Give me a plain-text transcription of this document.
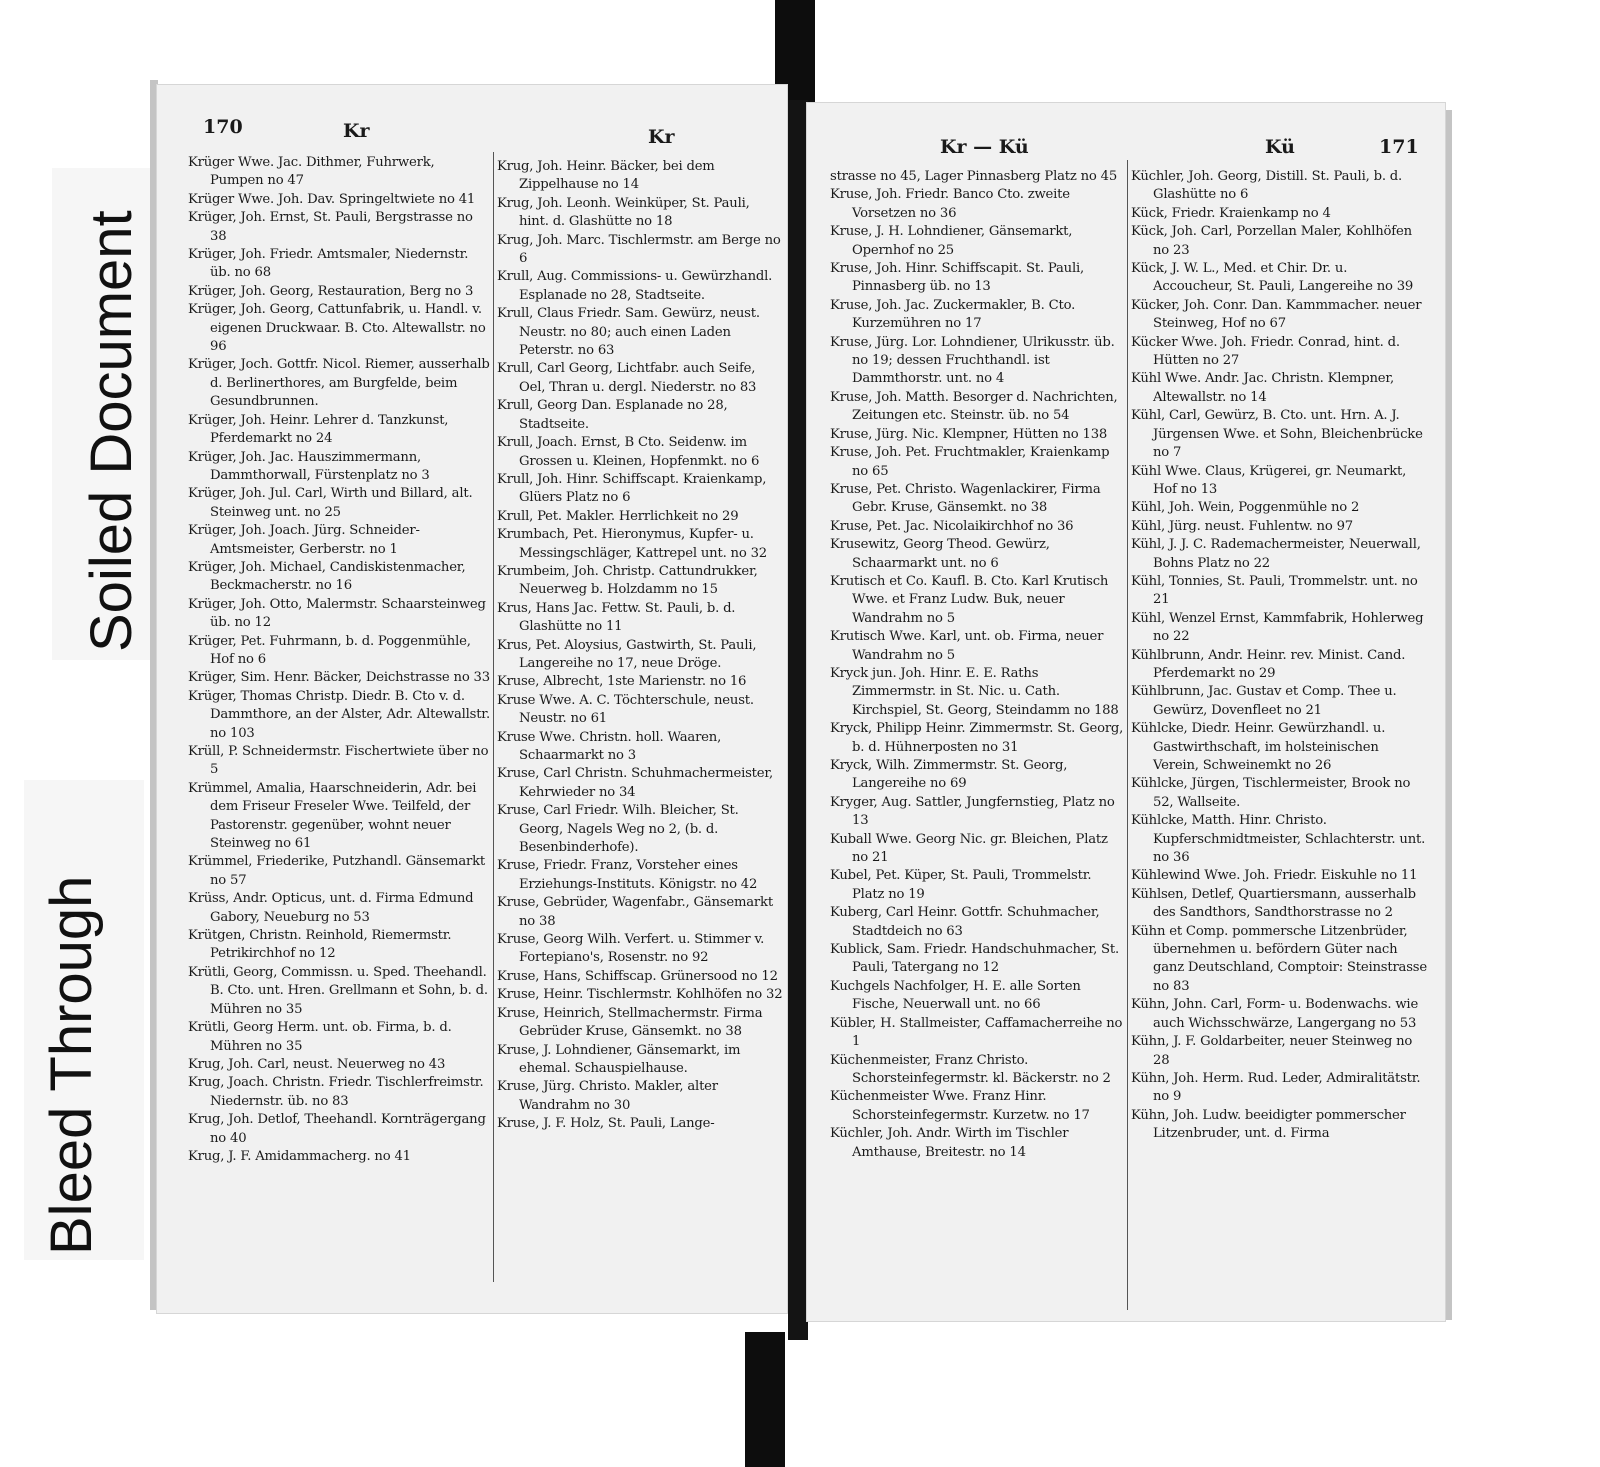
Soiled Document
Bleed Through
170	Kr	Kr	Kr — Kü	Kü	171

Krüger Wwe. Jac. Dithmer, Fuhrwerk, Pumpen no 47

Krüger Wwe. Joh. Dav. Springeltwiete no 41

Krüger, Joh. Ernst, St. Pauli, Bergstrasse no 38

Krüger, Joh. Friedr. Amtsmaler, Niedernstr. üb. no 68

Krüger, Joh. Georg, Restauration, Berg no 3

Krüger, Joh. Georg, Cattunfabrik, u. Handl. v. eigenen Druckwaar. B. Cto. Altewallstr. no 96

Krüger, Joch. Gottfr. Nicol. Riemer, ausserhalb d. Berlinerthores, am Burgfelde, beim Gesundbrunnen.

Krüger, Joh. Heinr. Lehrer d. Tanzkunst, Pferdemarkt no 24

Krüger, Joh. Jac. Hauszimmermann, Dammthorwall, Fürstenplatz no 3

Krüger, Joh. Jul. Carl, Wirth und Billard, alt. Steinweg unt. no 25

Krüger, Joh. Joach. Jürg. Schneider-Amtsmeister, Gerberstr. no 1

Krüger, Joh. Michael, Candiskistenmacher, Beckmacherstr. no 16

Krüger, Joh. Otto, Malermstr. Schaarsteinweg üb. no 12

Krüger, Pet. Fuhrmann, b. d. Poggenmühle, Hof no 6

Krüger, Sim. Henr. Bäcker, Deichstrasse no 33

Krüger, Thomas Christp. Diedr. B. Cto v. d. Dammthore, an der Alster, Adr. Altewallstr. no 103

Krüll, P. Schneidermstr. Fischertwiete über no 5

Krümmel, Amalia, Haarschneiderin, Adr. bei dem Friseur Freseler Wwe. Teilfeld, der Pastorenstr. gegenüber, wohnt neuer Steinweg no 61

Krümmel, Friederike, Putzhandl. Gänsemarkt no 57

Krüss, Andr. Opticus, unt. d. Firma Edmund Gabory, Neueburg no 53

Krütgen, Christn. Reinhold, Riemermstr. Petrikirchhof no 12

Krütli, Georg, Commissn. u. Sped. Theehandl. B. Cto. unt. Hren. Grellmann et Sohn, b. d. Mühren no 35

Krütli, Georg Herm. unt. ob. Firma, b. d. Mühren no 35

Krug, Joh. Carl, neust. Neuerweg no 43

Krug, Joach. Christn. Friedr. Tischlerfreimstr. Niedernstr. üb. no 83

Krug, Joh. Detlof, Theehandl. Kornträgergang no 40

Krug, J. F. Amidammacherg. no 41

Krug, Joh. Heinr. Bäcker, bei dem Zippelhause no 14

Krug, Joh. Leonh. Weinküper, St. Pauli, hint. d. Glashütte no 18

Krug, Joh. Marc. Tischlermstr. am Berge no 6

Krull, Aug. Commissions- u. Gewürzhandl. Esplanade no 28, Stadtseite.

Krull, Claus Friedr. Sam. Gewürz, neust. Neustr. no 80; auch einen Laden Peterstr. no 63

Krull, Carl Georg, Lichtfabr. auch Seife, Oel, Thran u. dergl. Niederstr. no 83

Krull, Georg Dan. Esplanade no 28, Stadtseite.

Krull, Joach. Ernst, B Cto. Seidenw. im Grossen u. Kleinen, Hopfenmkt. no 6

Krull, Joh. Hinr. Schiffscapt. Kraienkamp, Glüers Platz no 6

Krull, Pet. Makler. Herrlichkeit no 29

Krumbach, Pet. Hieronymus, Kupfer- u. Messingschläger, Kattrepel unt. no 32

Krumbeim, Joh. Christp. Cattundrukker, Neuerweg b. Holzdamm no 15

Krus, Hans Jac. Fettw. St. Pauli, b. d. Glashütte no 11

Krus, Pet. Aloysius, Gastwirth, St. Pauli, Langereihe no 17, neue Dröge.

Kruse, Albrecht, 1ste Marienstr. no 16

Kruse Wwe. A. C. Töchterschule, neust. Neustr. no 61

Kruse Wwe. Christn. holl. Waaren, Schaarmarkt no 3

Kruse, Carl Christn. Schuhmachermeister, Kehrwieder no 34

Kruse, Carl Friedr. Wilh. Bleicher, St. Georg, Nagels Weg no 2, (b. d. Besenbinderhofe).

Kruse, Friedr. Franz, Vorsteher eines Erziehungs-Instituts. Königstr. no 42

Kruse, Gebrüder, Wagenfabr., Gänsemarkt no 38

Kruse, Georg Wilh. Verfert. u. Stimmer v. Fortepiano's, Rosenstr. no 92

Kruse, Hans, Schiffscap. Grünersood no 12

Kruse, Heinr. Tischlermstr. Kohlhöfen no 32

Kruse, Heinrich, Stellmachermstr. Firma Gebrüder Kruse, Gänsemkt. no 38

Kruse, J. Lohndiener, Gänsemarkt, im ehemal. Schauspielhause.

Kruse, Jürg. Christo. Makler, alter Wandrahm no 30

Kruse, J. F. Holz, St. Pauli, Lange-

strasse no 45, Lager Pinnasberg Platz no 45

Kruse, Joh. Friedr. Banco Cto. zweite Vorsetzen no 36

Kruse, J. H. Lohndiener, Gänsemarkt, Opernhof no 25

Kruse, Joh. Hinr. Schiffscapit. St. Pauli, Pinnasberg üb. no 13

Kruse, Joh. Jac. Zuckermakler, B. Cto. Kurzemühren no 17

Kruse, Jürg. Lor. Lohndiener, Ulrikusstr. üb. no 19; dessen Fruchthandl. ist Dammthorstr. unt. no 4

Kruse, Joh. Matth. Besorger d. Nachrichten, Zeitungen etc. Steinstr. üb. no 54

Kruse, Jürg. Nic. Klempner, Hütten no 138

Kruse, Joh. Pet. Fruchtmakler, Kraienkamp no 65

Kruse, Pet. Christo. Wagenlackirer, Firma Gebr. Kruse, Gänsemkt. no 38

Kruse, Pet. Jac. Nicolaikirchhof no 36

Krusewitz, Georg Theod. Gewürz, Schaarmarkt unt. no 6

Krutisch et Co. Kaufl. B. Cto. Karl Krutisch Wwe. et Franz Ludw. Buk, neuer Wandrahm no 5

Krutisch Wwe. Karl, unt. ob. Firma, neuer Wandrahm no 5

Kryck jun. Joh. Hinr. E. E. Raths Zimmermstr. in St. Nic. u. Cath. Kirchspiel, St. Georg, Steindamm no 188

Kryck, Philipp Heinr. Zimmermstr. St. Georg, b. d. Hühnerposten no 31

Kryck, Wilh. Zimmermstr. St. Georg, Langereihe no 69

Kryger, Aug. Sattler, Jungfernstieg, Platz no 13

Kuball Wwe. Georg Nic. gr. Bleichen, Platz no 21

Kubel, Pet. Küper, St. Pauli, Trommelstr. Platz no 19

Kuberg, Carl Heinr. Gottfr. Schuhmacher, Stadtdeich no 63

Kublick, Sam. Friedr. Handschuhmacher, St. Pauli, Tatergang no 12

Kuchgels Nachfolger, H. E. alle Sorten Fische, Neuerwall unt. no 66

Kübler, H. Stallmeister, Caffamacherreihe no 1

Küchenmeister, Franz Christo. Schorsteinfegermstr. kl. Bäckerstr. no 2

Küchenmeister Wwe. Franz Hinr. Schorsteinfegermstr. Kurzetw. no 17

Küchler, Joh. Andr. Wirth im Tischler Amthause, Breitestr. no 14

Küchler, Joh. Georg, Distill. St. Pauli, b. d. Glashütte no 6

Kück, Friedr. Kraienkamp no 4

Kück, Joh. Carl, Porzellan Maler, Kohlhöfen no 23

Kück, J. W. L., Med. et Chir. Dr. u. Accoucheur, St. Pauli, Langereihe no 39

Kücker, Joh. Conr. Dan. Kammmacher. neuer Steinweg, Hof no 67

Kücker Wwe. Joh. Friedr. Conrad, hint. d. Hütten no 27

Kühl Wwe. Andr. Jac. Christn. Klempner, Altewallstr. no 14

Kühl, Carl, Gewürz, B. Cto. unt. Hrn. A. J. Jürgensen Wwe. et Sohn, Bleichenbrücke no 7

Kühl Wwe. Claus, Krügerei, gr. Neumarkt, Hof no 13

Kühl, Joh. Wein, Poggenmühle no 2

Kühl, Jürg. neust. Fuhlentw. no 97

Kühl, J. J. C. Rademachermeister, Neuerwall, Bohns Platz no 22

Kühl, Tonnies, St. Pauli, Trommelstr. unt. no 21

Kühl, Wenzel Ernst, Kammfabrik, Hohlerweg no 22

Kühlbrunn, Andr. Heinr. rev. Minist. Cand. Pferdemarkt no 29

Kühlbrunn, Jac. Gustav et Comp. Thee u. Gewürz, Dovenfleet no 21

Kühlcke, Diedr. Heinr. Gewürzhandl. u. Gastwirthschaft, im holsteinischen Verein, Schweinemkt no 26

Kühlcke, Jürgen, Tischlermeister, Brook no 52, Wallseite.

Kühlcke, Matth. Hinr. Christo. Kupferschmidtmeister, Schlachterstr. unt. no 36

Kühlewind Wwe. Joh. Friedr. Eiskuhle no 11

Kühlsen, Detlef, Quartiersmann, ausserhalb des Sandthors, Sandthorstrasse no 2

Kühn et Comp. pommersche Litzenbrüder, übernehmen u. befördern Güter nach ganz Deutschland, Comptoir: Steinstrasse no 83

Kühn, John. Carl, Form- u. Bodenwachs. wie auch Wichsschwärze, Langergang no 53

Kühn, J. F. Goldarbeiter, neuer Steinweg no 28

Kühn, Joh. Herm. Rud. Leder, Admiralitätstr. no 9

Kühn, Joh. Ludw. beeidigter pommerscher Litzenbruder, unt. d. Firma
